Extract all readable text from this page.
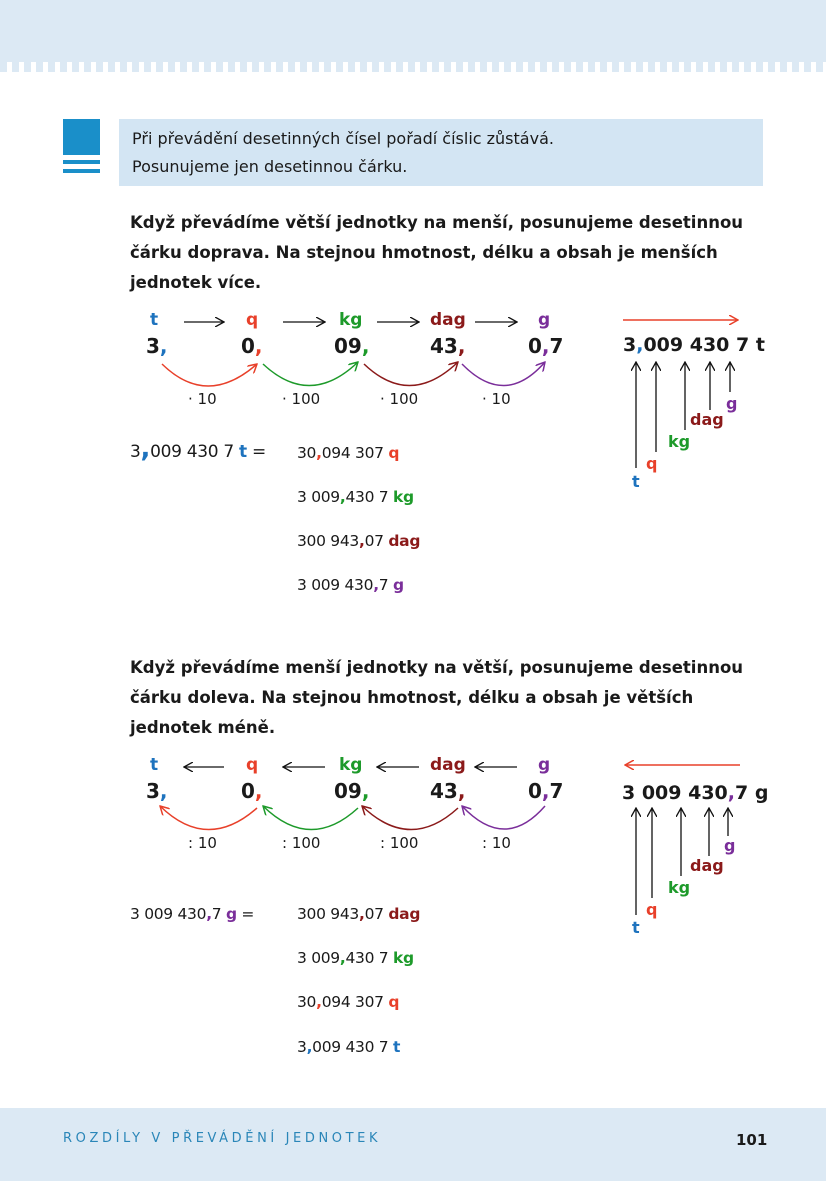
Při převádění desetinných čísel pořadí číslic zůstává.
Posunujeme jen desetinnou čárku.
Když převádíme větší jednotky na menší, posunujeme desetinnou
čárku doprava. Na stejnou hmotnost, délku a obsah je menších
jednotek více.
t	q	kg	dag	g
3,	0,	09,	43,	0,7
· 10	· 100	· 100	· 10
3,009 430 7 t
t
q
kg
dag
g
3,009 430 7 t = 30,094 307 q
3 009,430 7 kg
300 943,07 dag
3 009 430,7 g
Když převádíme menší jednotky na větší, posunujeme desetinnou
čárku doleva. Na stejnou hmotnost, délku a obsah je větších
jednotek méně.
t	q	kg	dag	g
3,	0,	09,	43,	0,7
: 10	: 100	: 100	: 10
3 009 430,7 g
t
q
kg
dag
g
3 009 430,7 g =	300 943,07 dag
3 009,430 7 kg
30,094 307 q
3,009 430 7 t
ROZDÍLY V PŘEVÁDĚNÍ JEDNOTEK	101
